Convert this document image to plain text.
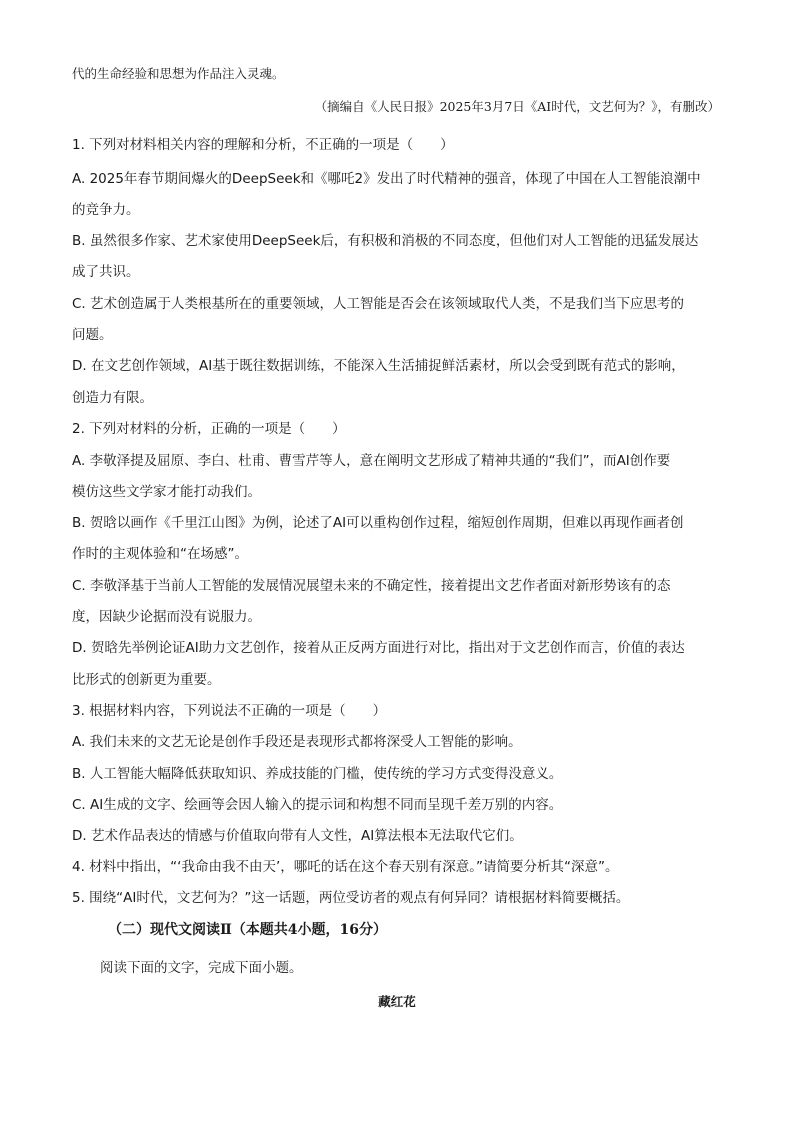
代的生命经验和思想为作品注入灵魂。
（摘编自《人民日报》2025年3月7日《AI时代，文艺何为？》，有删改）
1. 下列对材料相关内容的理解和分析，不正确的一项是（　　）
A. 2025年春节期间爆火的DeepSeek和《哪吒2》发出了时代精神的强音，体现了中国在人工智能浪潮中
的竞争力。
B. 虽然很多作家、艺术家使用DeepSeek后，有积极和消极的不同态度，但他们对人工智能的迅猛发展达
成了共识。
C. 艺术创造属于人类根基所在的重要领域，人工智能是否会在该领域取代人类，不是我们当下应思考的
问题。
D. 在文艺创作领域，AI基于既往数据训练，不能深入生活捕捉鲜活素材，所以会受到既有范式的影响，
创造力有限。
2. 下列对材料的分析，正确的一项是（　　）
A. 李敬泽提及屈原、李白、杜甫、曹雪芹等人，意在阐明文艺形成了精神共通的“我们”，而AI创作要
模仿这些文学家才能打动我们。
B. 贺晗以画作《千里江山图》为例，论述了AI可以重构创作过程，缩短创作周期，但难以再现作画者创
作时的主观体验和“在场感”。
C. 李敬泽基于当前人工智能的发展情况展望未来的不确定性，接着提出文艺作者面对新形势该有的态
度，因缺少论据而没有说服力。
D. 贺晗先举例论证AI助力文艺创作，接着从正反两方面进行对比，指出对于文艺创作而言，价值的表达
比形式的创新更为重要。
3. 根据材料内容，下列说法不正确的一项是（　　）
A. 我们未来的文艺无论是创作手段还是表现形式都将深受人工智能的影响。
B. 人工智能大幅降低获取知识、养成技能的门槛，使传统的学习方式变得没意义。
C. AI生成的文字、绘画等会因人输入的提示词和构想不同而呈现千差万别的内容。
D. 艺术作品表达的情感与价值取向带有人文性，AI算法根本无法取代它们。
4. 材料中指出，“‘我命由我不由天’，哪吒的话在这个春天别有深意。”请简要分析其“深意”。
5. 围绕“AI时代，文艺何为？”这一话题，两位受访者的观点有何异同？请根据材料简要概括。
（二）现代文阅读Ⅱ（本题共4小题，16分）
阅读下面的文字，完成下面小题。
藏红花
